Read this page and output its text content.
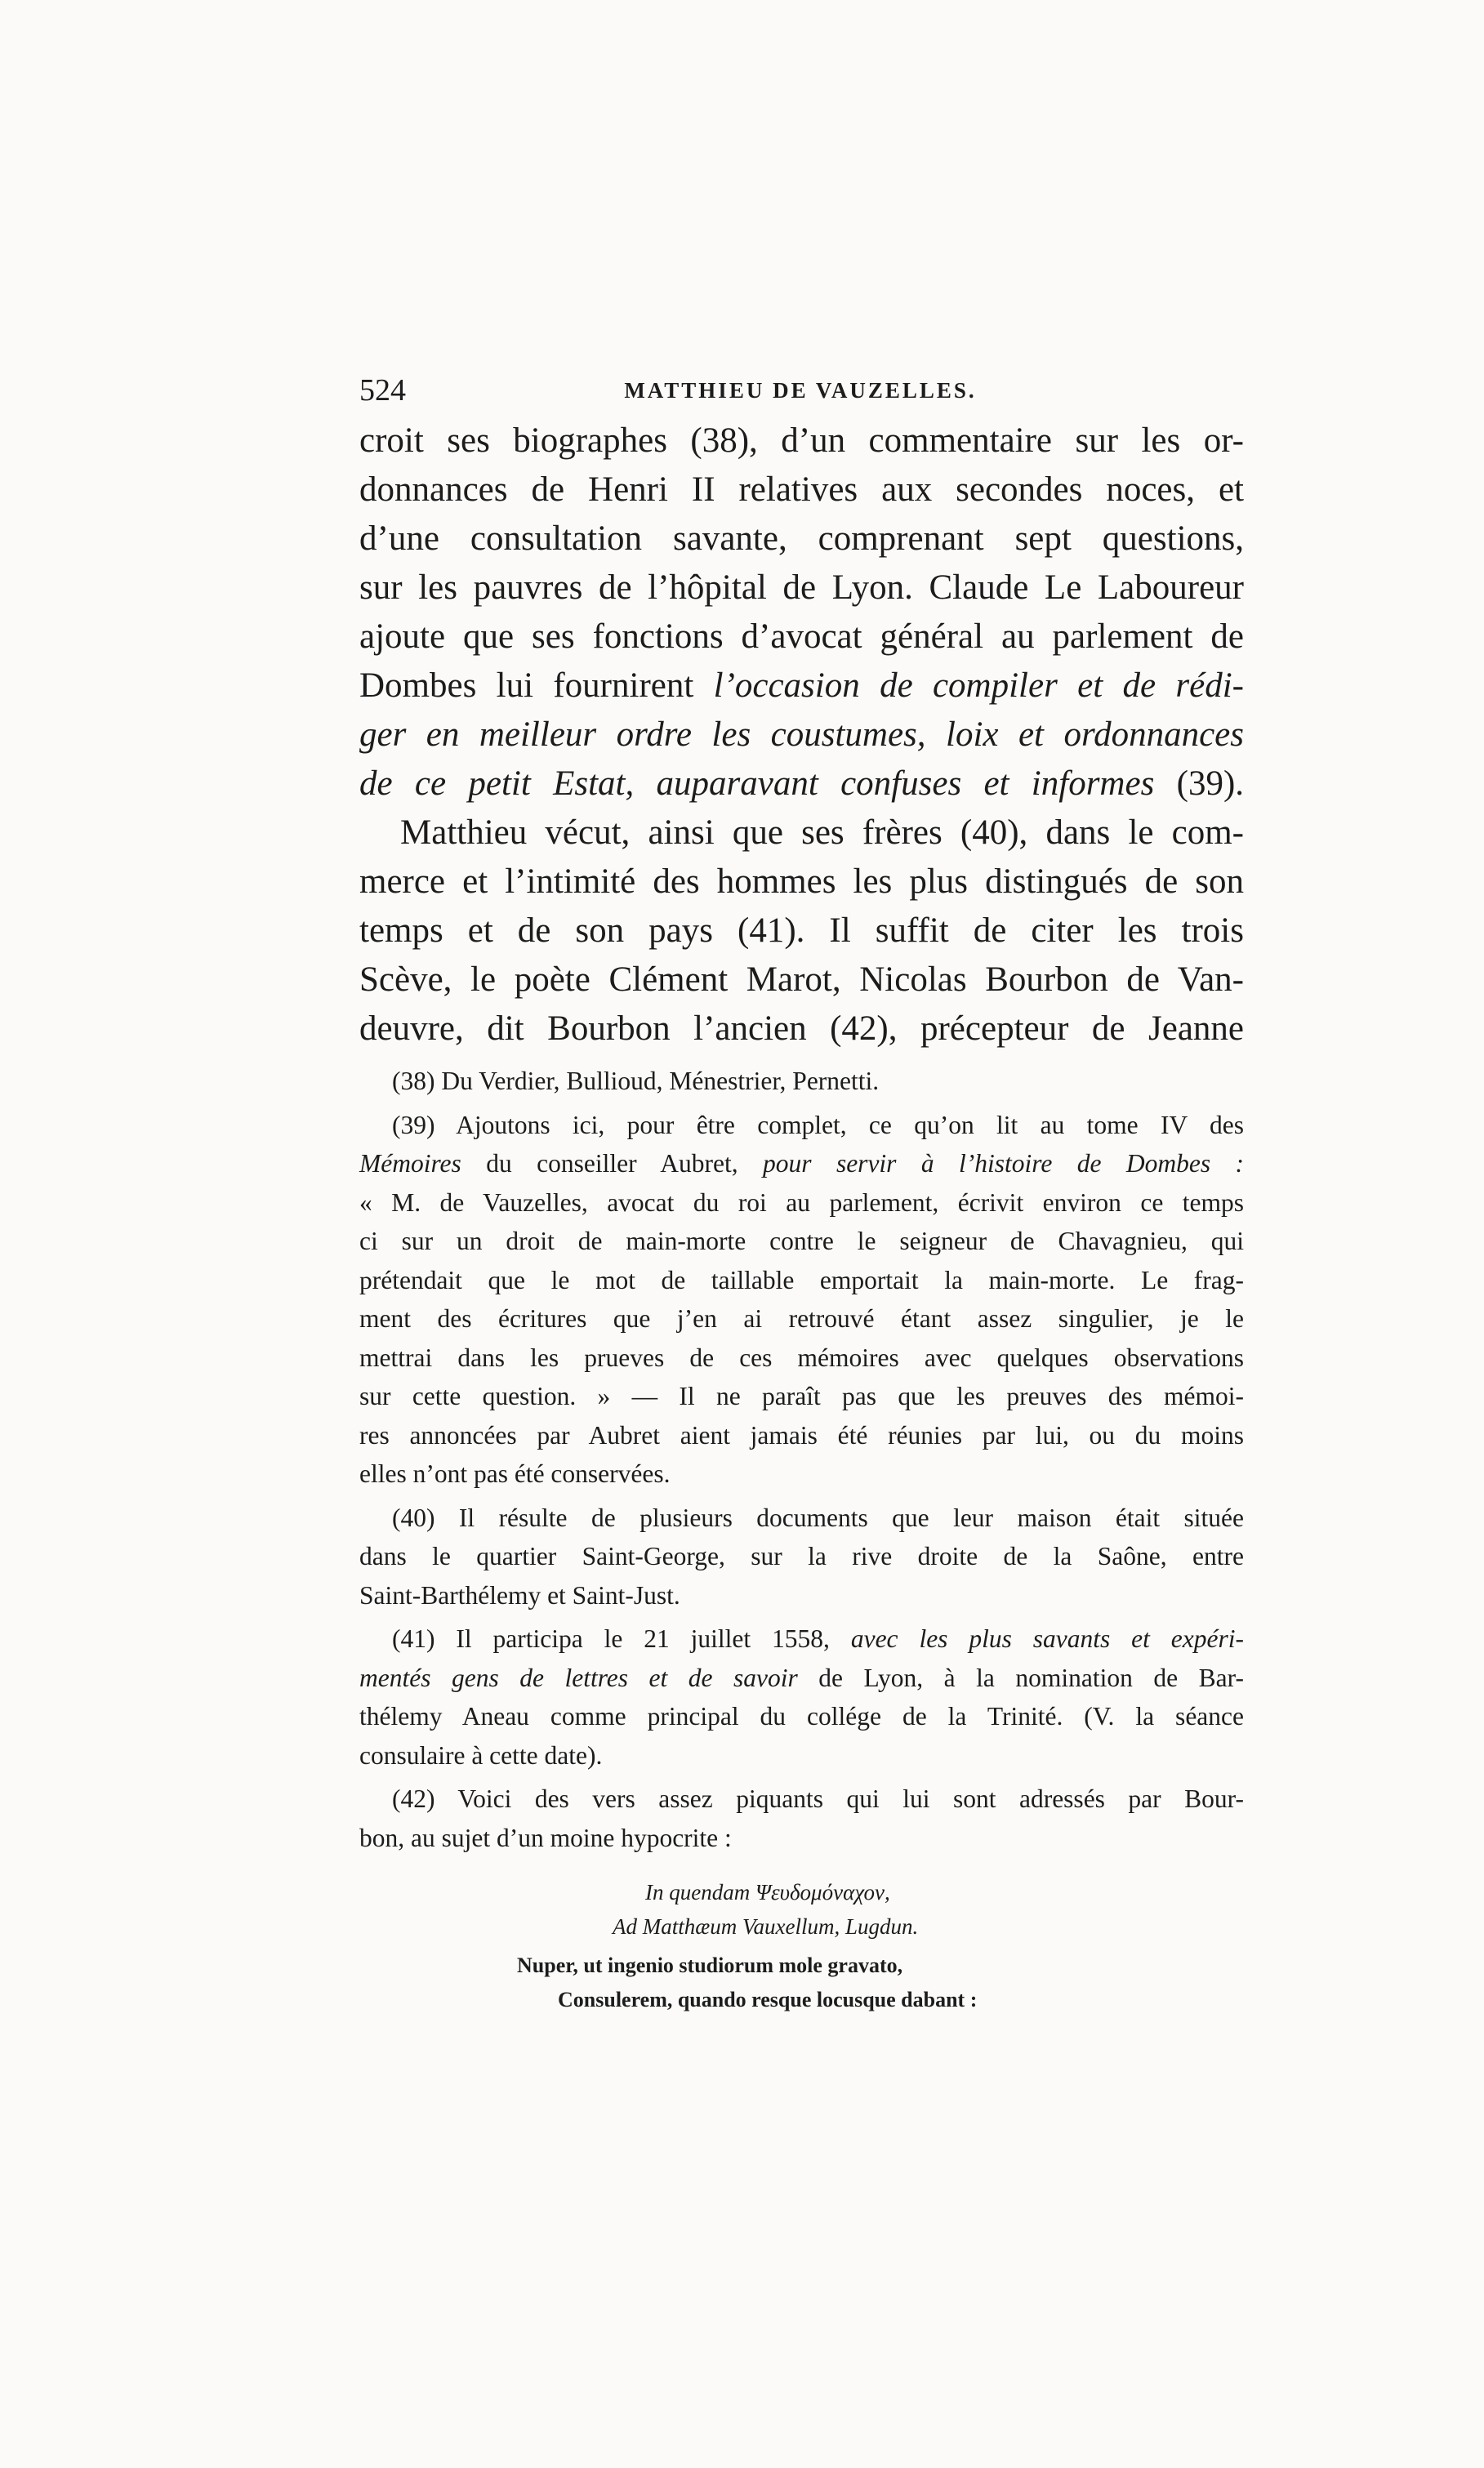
524	MATTHIEU DE VAUZELLES.
croit ses biographes (38), d’un commentaire sur les or-
donnances de Henri II relatives aux secondes noces, et
d’une consultation savante, comprenant sept questions,
sur les pauvres de l’hôpital de Lyon. Claude Le Laboureur
ajoute que ses fonctions d’avocat général au parlement de
Dombes lui fournirent l’occasion de compiler et de rédi-
ger en meilleur ordre les coustumes, loix et ordonnances
de ce petit Estat, auparavant confuses et informes (39).
Matthieu vécut, ainsi que ses frères (40), dans le com-
merce et l’intimité des hommes les plus distingués de son
temps et de son pays (41). Il suffit de citer les trois
Scève, le poète Clément Marot, Nicolas Bourbon de Van-
deuvre, dit Bourbon l’ancien (42), précepteur de Jeanne
(38) Du Verdier, Bullioud, Ménestrier, Pernetti.
(39) Ajoutons ici, pour être complet, ce qu’on lit au tome IV des
Mémoires du conseiller Aubret, pour servir à l’histoire de Dombes :
« M. de Vauzelles, avocat du roi au parlement, écrivit environ ce temps
ci sur un droit de main-morte contre le seigneur de Chavagnieu, qui
prétendait que le mot de taillable emportait la main-morte. Le frag-
ment des écritures que j’en ai retrouvé étant assez singulier, je le
mettrai dans les prueves de ces mémoires avec quelques observations
sur cette question. » — Il ne paraît pas que les preuves des mémoi-
res annoncées par Aubret aient jamais été réunies par lui, ou du moins
elles n’ont pas été conservées.
(40) Il résulte de plusieurs documents que leur maison était située
dans le quartier Saint-George, sur la rive droite de la Saône, entre
Saint-Barthélemy et Saint-Just.
(41) Il participa le 21 juillet 1558, avec les plus savants et expéri-
mentés gens de lettres et de savoir de Lyon, à la nomination de Bar-
thélemy Aneau comme principal du collége de la Trinité. (V. la séance
consulaire à cette date).
(42) Voici des vers assez piquants qui lui sont adressés par Bour-
bon, au sujet d’un moine hypocrite :
In quendam Ψευδομόναχον,
Ad Matthæum Vauxellum, Lugdun.
Nuper, ut ingenio studiorum mole gravato,
Consulerem, quando resque locusque dabant :
